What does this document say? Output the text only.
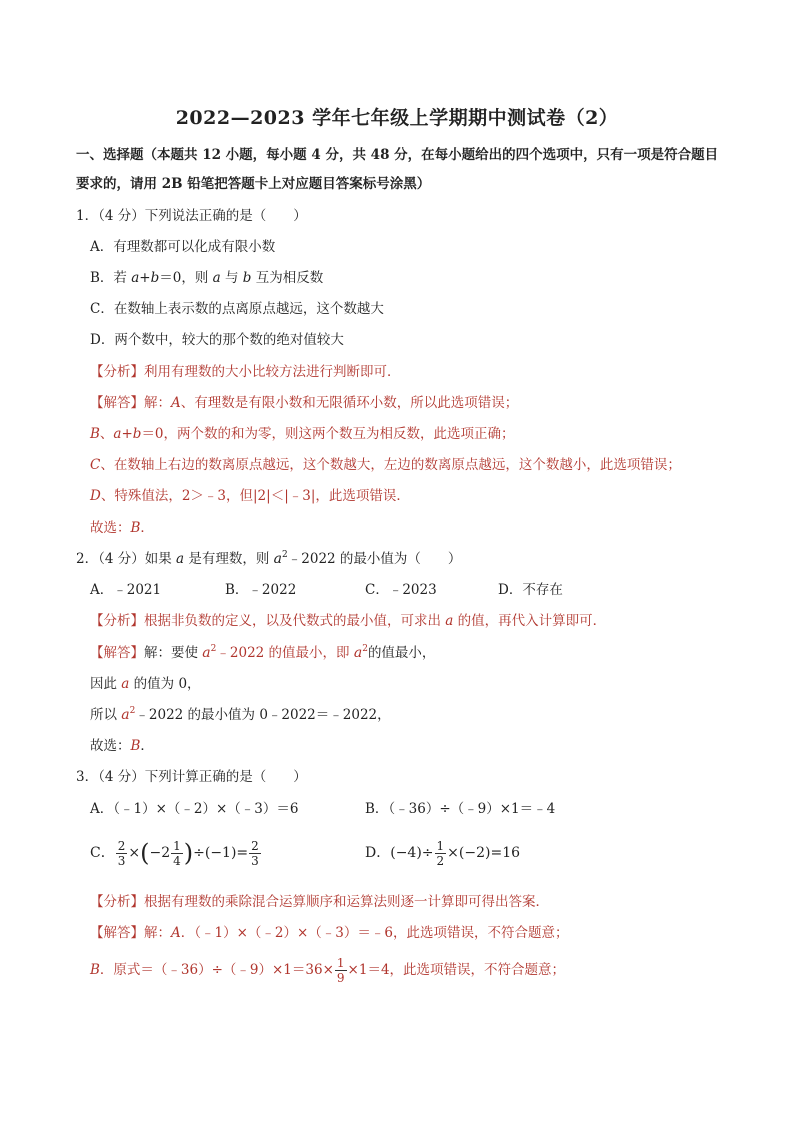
2022—2023 学年七年级上学期期中测试卷（2）
一、选择题（本题共 12 小题，每小题 4 分，共 48 分，在每小题给出的四个选项中，只有一项是符合题目
要求的，请用 2B 铅笔把答题卡上对应题目答案标号涂黑）
1．（4 分）下列说法正确的是（　　）
A．有理数都可以化成有限小数
B．若 a+b＝0，则 a 与 b 互为相反数
C．在数轴上表示数的点离原点越远，这个数越大
D．两个数中，较大的那个数的绝对值较大
【分析】利用有理数的大小比较方法进行判断即可．
【解答】解：A、有理数是有限小数和无限循环小数，所以此选项错误；
B、a+b＝0，两个数的和为零，则这两个数互为相反数，此选项正确；
C、在数轴上右边的数离原点越远，这个数越大，左边的数离原点越远，这个数越小，此选项错误；
D、特殊值法，2＞﹣3，但|2|＜|﹣3|，此选项错误．
故选：B．
2．（4 分）如果 a 是有理数，则 $a^2﹣2022$ 的最小值为（　　）
A．﹣2021	B．﹣2022	C．﹣2023	D．不存在
【分析】根据非负数的定义，以及代数式的最小值，可求出 a 的值，再代入计算即可．
【解答】解：要使 $a^2﹣2022$ 的值最小，即 $a^2$的值最小，
因此 a 的值为 0，
所以 $a^2﹣2022$ 的最小值为 0﹣2022＝﹣2022，
故选：B．
3．（4 分）下列计算正确的是（　　）
A．（﹣1）×（﹣2）×（﹣3）＝6	B．（﹣36）÷（﹣9）×1＝﹣4
C． $\frac{2}{3} \times(-2 \frac{1}{4} )\div(-1)= \frac{2}{3}$	D．$(-4)\div \frac{1}{2} \times(-2)=16$
【分析】根据有理数的乘除混合运算顺序和运算法则逐一计算即可得出答案．
【解答】解：A．（﹣1）×（﹣2）×（﹣3）＝﹣6，此选项错误，不符合题意；
B．原式＝（﹣36）÷（﹣9）×1＝36× $\frac{1}{9} \times 1=4$，此选项错误，不符合题意；
